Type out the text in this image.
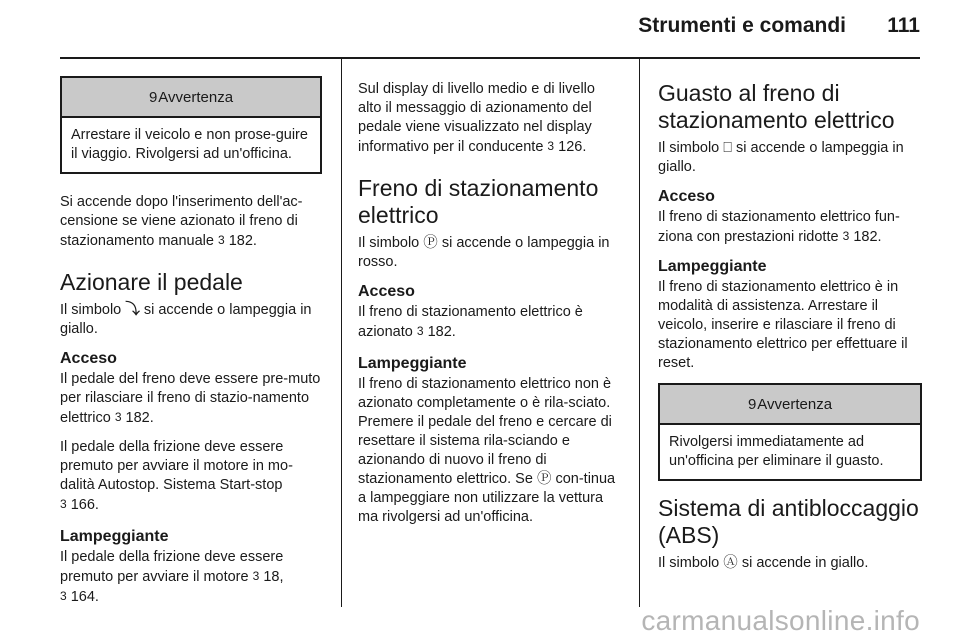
Strumenti e comandi 111
9 Avvertenza
Arrestare il veicolo e non prose-guire il viaggio. Rivolgersi ad un'officina.

Si accende dopo l'inserimento dell'ac-censione se viene azionato il freno di stazionamento manuale 3 182.

Azionare il pedale

Il simbolo ⤵ si accende o lampeggia in giallo.

Acceso

Il pedale del freno deve essere pre-muto per rilasciare il freno di stazio-namento elettrico 3 182.

Il pedale della frizione deve essere premuto per avviare il motore in mo-dalità Autostop. Sistema Start-stop
3 166.

Lampeggiante

Il pedale della frizione deve essere premuto per avviare il motore 3 18,
3 164.

Sul display di livello medio e di livello alto il messaggio di azionamento del pedale viene visualizzato nel display informativo per il conducente 3 126.

Freno di stazionamento elettrico

Il simbolo Ⓟ si accende o lampeggia in rosso.

Acceso

Il freno di stazionamento elettrico è azionato 3 182.

Lampeggiante

Il freno di stazionamento elettrico non è azionato completamente o è rila-sciato. Premere il pedale del freno e cercare di resettare il sistema rila-sciando e azionando di nuovo il freno di stazionamento elettrico. Se Ⓟ con-tinua a lampeggiare non utilizzare la vettura ma rivolgersi ad un'officina.

Guasto al freno di stazionamento elettrico

Il simbolo ⎕ si accende o lampeggia in giallo.

Acceso

Il freno di stazionamento elettrico fun-ziona con prestazioni ridotte 3 182.

Lampeggiante

Il freno di stazionamento elettrico è in modalità di assistenza. Arrestare il veicolo, inserire e rilasciare il freno di stazionamento elettrico per effettuare il reset.

9 Avvertenza
Rivolgersi immediatamente ad un'officina per eliminare il guasto.
Sistema di antibloccaggio (ABS)

Il simbolo Ⓐ si accende in giallo.

carmanualsonline.info
